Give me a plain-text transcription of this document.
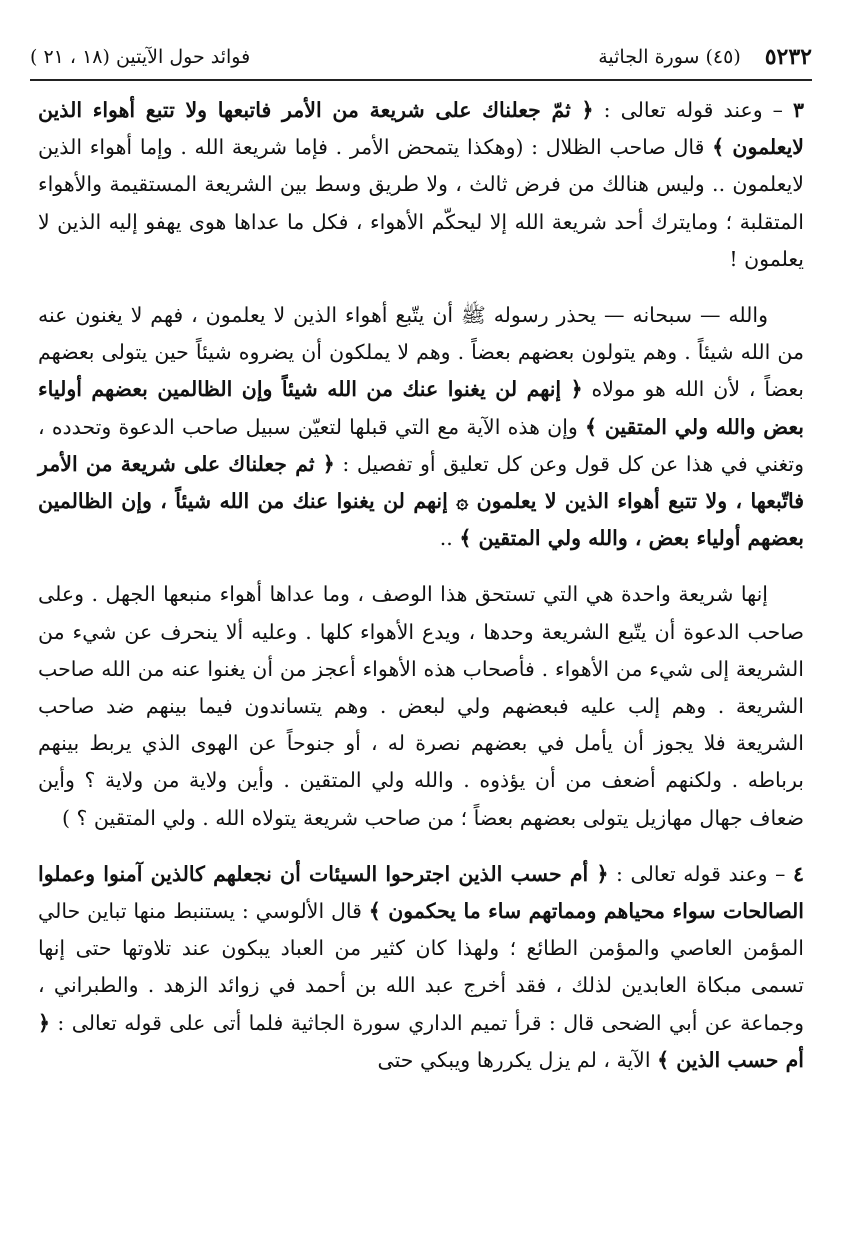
٥٢٣٢
(٤٥) سورة الجاثية
فوائد حول الآيتين (١٨ ، ٢١ )

٣ – وعند قوله تعالى : ﴿ ثمّ جعلناك على شريعة من الأمر فاتبعها ولا تتبع أهواء الذين لايعلمون ﴾ قال صاحب الظلال : (وهكذا يتمحض الأمر . فإما شريعة الله . وإما أهواء الذين لايعلمون .. وليس هنالك من فرض ثالث ، ولا طريق وسط بين الشريعة المستقيمة والأهواء المتقلبة ؛ ومايترك أحد شريعة الله إلا ليحكّم الأهواء ، فكل ما عداها هوى يهفو إليه الذين لا يعلمون !

والله — سبحانه — يحذر رسوله ﷺ أن يتّبع أهواء الذين لا يعلمون ، فهم لا يغنون عنه من الله شيئاً . وهم يتولون بعضهم بعضاً . وهم لا يملكون أن يضروه شيئاً حين يتولى بعضهم بعضاً ، لأن الله هو مولاه ﴿ إنهم لن يغنوا عنك من الله شيئاً وإن الظالمين بعضهم أولياء بعض والله ولي المتقين ﴾ وإن هذه الآية مع التي قبلها لتعيّن سبيل صاحب الدعوة وتحدده ، وتغني في هذا عن كل قول وعن كل تعليق أو تفصيل : ﴿ ثم جعلناك على شريعة من الأمر فاتّبعها ، ولا تتبع أهواء الذين لا يعلمون ۞ إنهم لن يغنوا عنك من الله شيئاً ، وإن الظالمين بعضهم أولياء بعض ، والله ولي المتقين ﴾ ..

إنها شريعة واحدة هي التي تستحق هذا الوصف ، وما عداها أهواء منبعها الجهل . وعلى صاحب الدعوة أن يتّبع الشريعة وحدها ، ويدع الأهواء كلها . وعليه ألا ينحرف عن شيء من الشريعة إلى شيء من الأهواء . فأصحاب هذه الأهواء أعجز من أن يغنوا عنه من الله صاحب الشريعة . وهم إلب عليه فبعضهم ولي لبعض . وهم يتساندون فيما بينهم ضد صاحب الشريعة فلا يجوز أن يأمل في بعضهم نصرة له ، أو جنوحاً عن الهوى الذي يربط بينهم برباطه . ولكنهم أضعف من أن يؤذوه . والله ولي المتقين . وأين ولاية من ولاية ؟ وأين ضعاف جهال مهازيل يتولى بعضهم بعضاً ؛ من صاحب شريعة يتولاه الله . ولي المتقين ؟ )

٤ – وعند قوله تعالى : ﴿ أم حسب الذين اجترحوا السيئات أن نجعلهم كالذين آمنوا وعملوا الصالحات سواء محياهم ومماتهم ساء ما يحكمون ﴾ قال الألوسي : يستنبط منها تباين حالي المؤمن العاصي والمؤمن الطائع ؛ ولهذا كان كثير من العباد يبكون عند تلاوتها حتى إنها تسمى مبكاة العابدين لذلك ، فقد أخرج عبد الله بن أحمد في زوائد الزهد . والطبراني ، وجماعة عن أبي الضحى قال : قرأ تميم الداري سورة الجاثية فلما أتى على قوله تعالى : ﴿ أم حسب الذين ﴾ الآية ، لم يزل يكررها ويبكي حتى
